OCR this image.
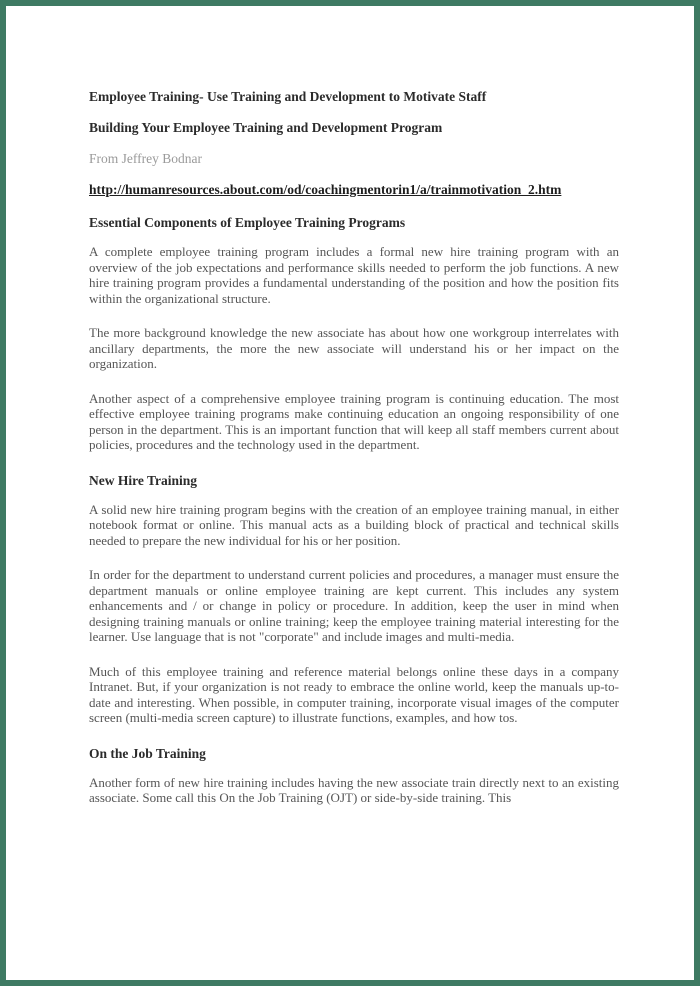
Employee Training- Use Training and Development to Motivate Staff

Building Your Employee Training and Development Program

From Jeffrey Bodnar

http://humanresources.about.com/od/coachingmentorin1/a/trainmotivation_2.htm

Essential Components of Employee Training Programs

A complete employee training program includes a formal new hire training program with an overview of the job expectations and performance skills needed to perform the job functions. A new hire training program provides a fundamental understanding of the position and how the position fits within the organizational structure.

The more background knowledge the new associate has about how one workgroup interrelates with ancillary departments, the more the new associate will understand his or her impact on the organization.

Another aspect of a comprehensive employee training program is continuing education. The most effective employee training programs make continuing education an ongoing responsibility of one person in the department. This is an important function that will keep all staff members current about policies, procedures and the technology used in the department.

New Hire Training

A solid new hire training program begins with the creation of an employee training manual, in either notebook format or online. This manual acts as a building block of practical and technical skills needed to prepare the new individual for his or her position.

In order for the department to understand current policies and procedures, a manager must ensure the department manuals or online employee training are kept current. This includes any system enhancements and / or change in policy or procedure. In addition, keep the user in mind when designing training manuals or online training; keep the employee training material interesting for the learner. Use language that is not "corporate" and include images and multi-media.

Much of this employee training and reference material belongs online these days in a company Intranet. But, if your organization is not ready to embrace the online world, keep the manuals up-to-date and interesting. When possible, in computer training, incorporate visual images of the computer screen (multi-media screen capture) to illustrate functions, examples, and how tos.

On the Job Training

Another form of new hire training includes having the new associate train directly next to an existing associate. Some call this On the Job Training (OJT) or side-by-side training. This
